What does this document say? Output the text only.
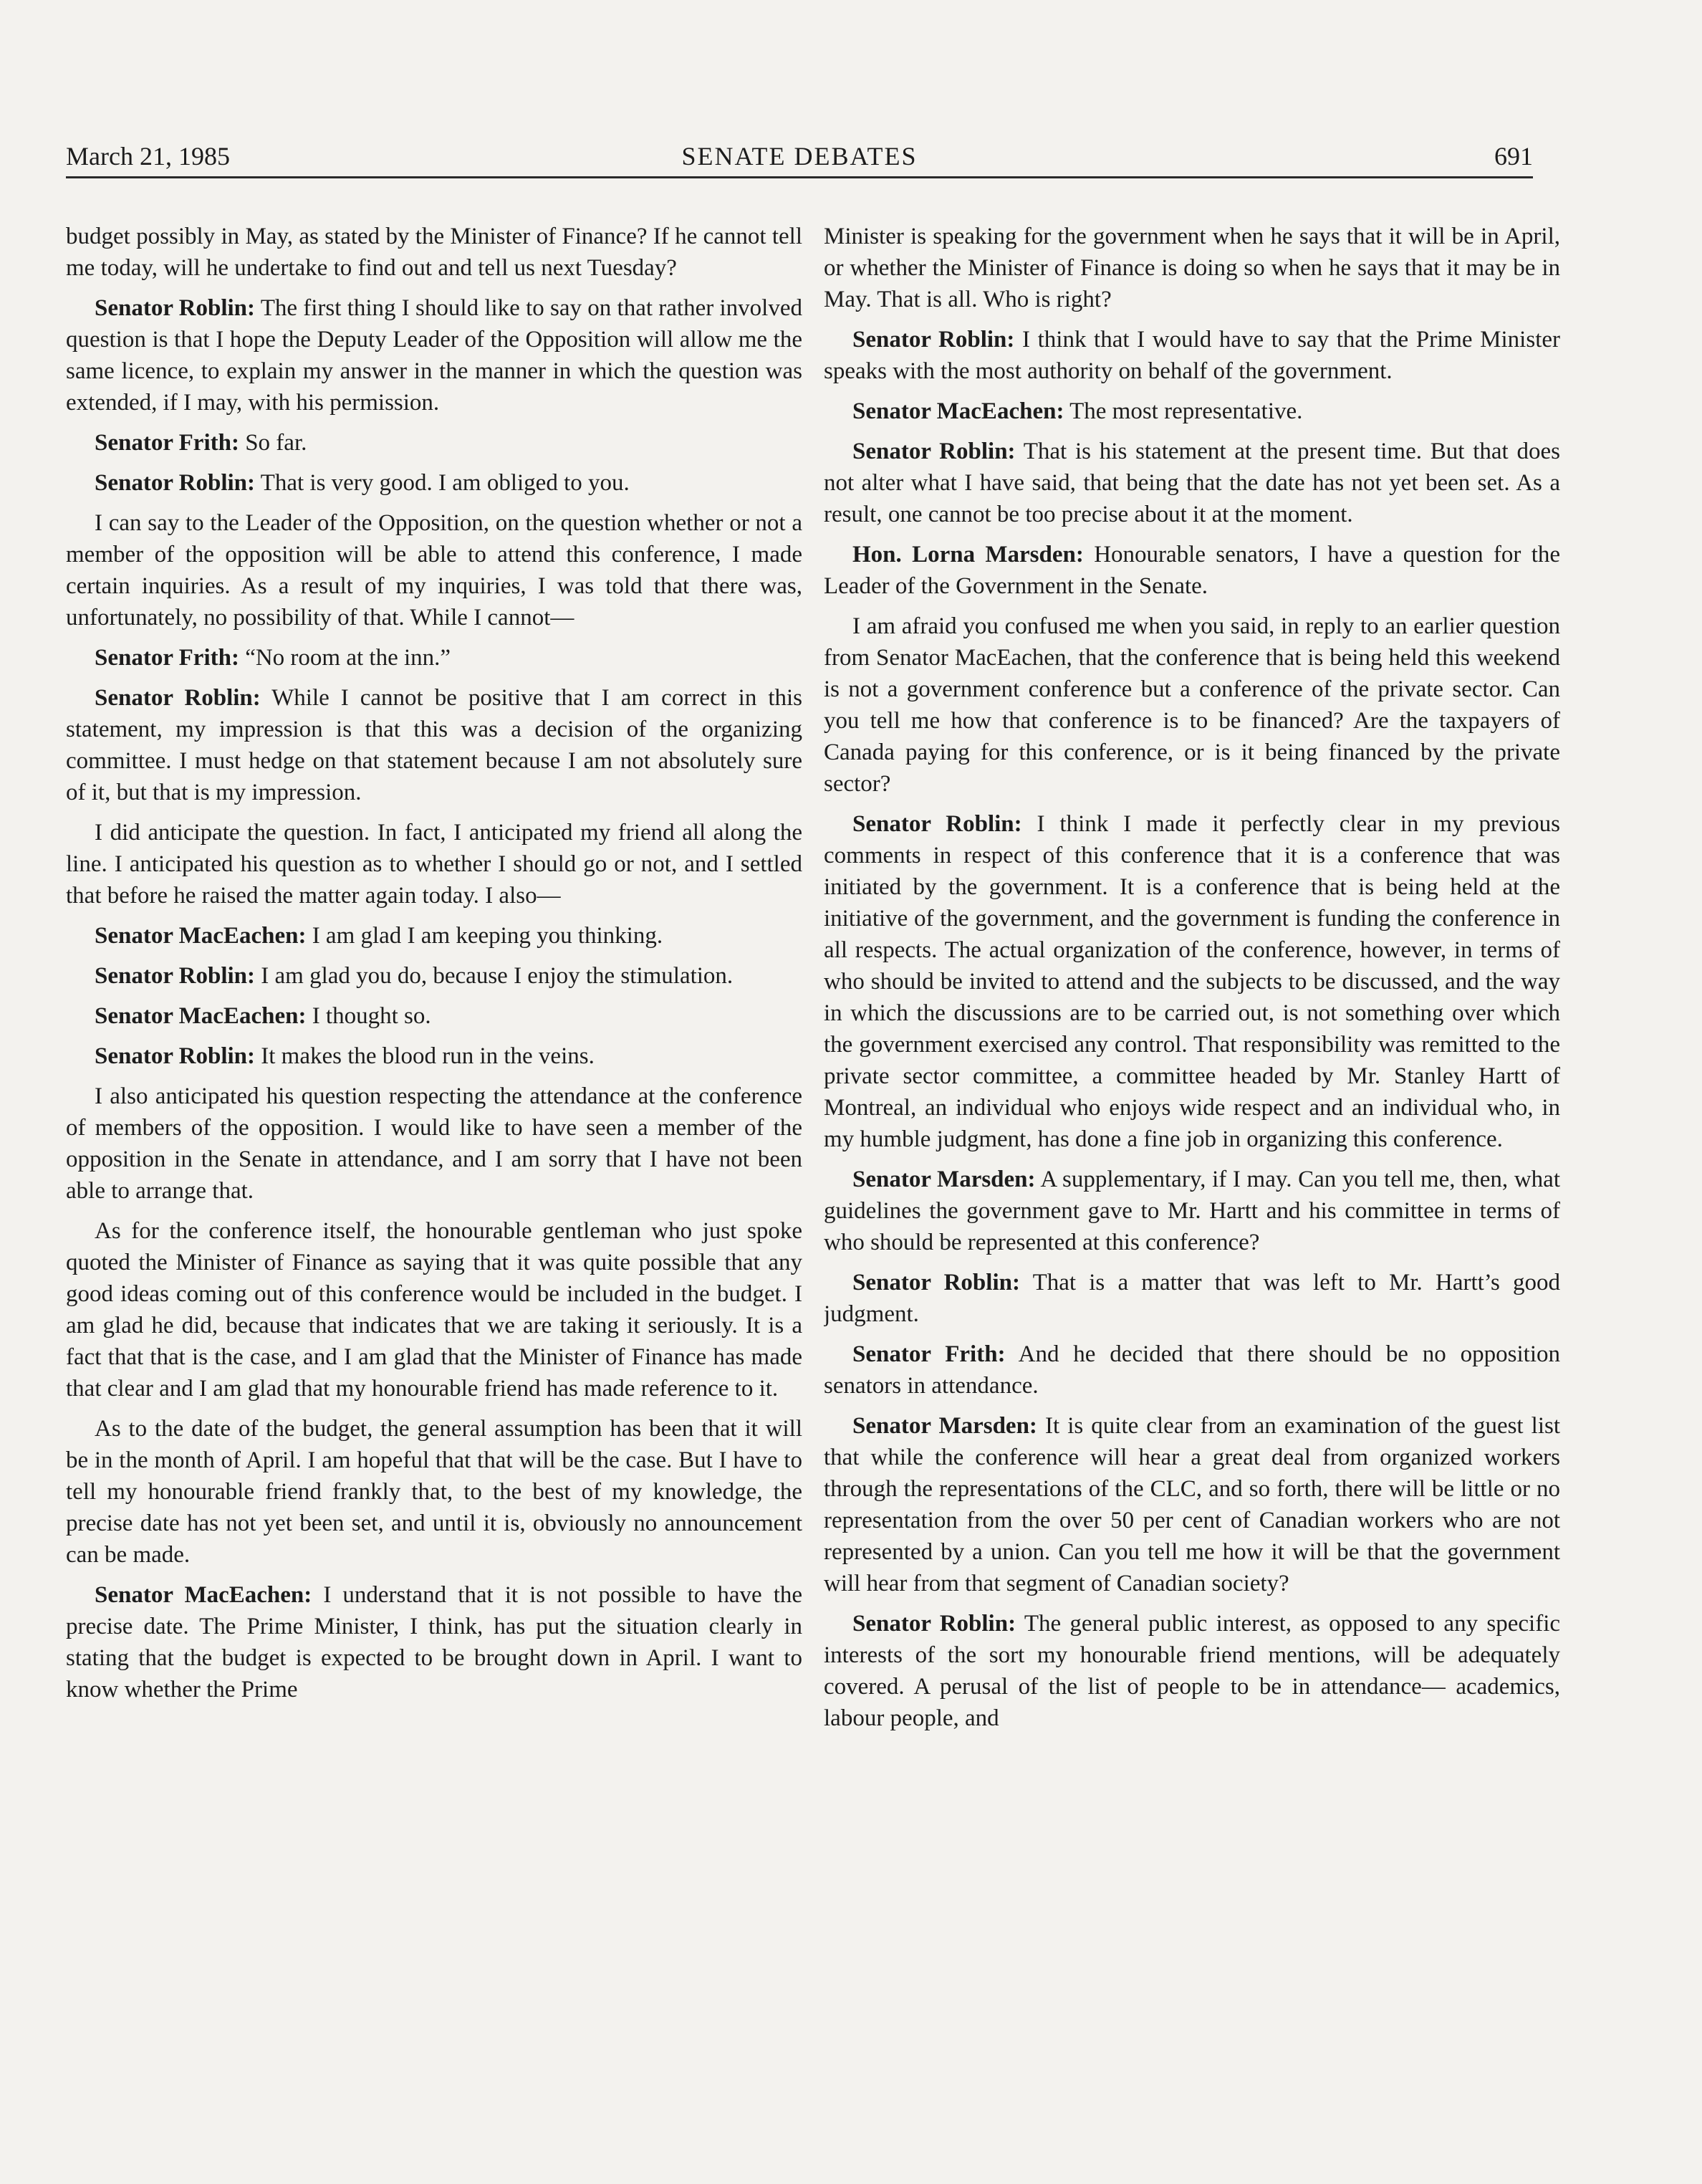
March 21, 1985	SENATE DEBATES	691

budget possibly in May, as stated by the Minister of Finance? If he cannot tell me today, will he undertake to find out and tell us next Tuesday?

Senator Roblin: The first thing I should like to say on that rather involved question is that I hope the Deputy Leader of the Opposition will allow me the same licence, to explain my answer in the manner in which the question was extended, if I may, with his permission.

Senator Frith: So far.

Senator Roblin: That is very good. I am obliged to you.

I can say to the Leader of the Opposition, on the question whether or not a member of the opposition will be able to attend this conference, I made certain inquiries. As a result of my inquiries, I was told that there was, unfortunately, no possibility of that. While I cannot—

Senator Frith: “No room at the inn.”

Senator Roblin: While I cannot be positive that I am correct in this statement, my impression is that this was a decision of the organizing committee. I must hedge on that statement because I am not absolutely sure of it, but that is my impression.

I did anticipate the question. In fact, I anticipated my friend all along the line. I anticipated his question as to whether I should go or not, and I settled that before he raised the matter again today. I also—

Senator MacEachen: I am glad I am keeping you thinking.

Senator Roblin: I am glad you do, because I enjoy the stimulation.

Senator MacEachen: I thought so.

Senator Roblin: It makes the blood run in the veins.

I also anticipated his question respecting the attendance at the conference of members of the opposition. I would like to have seen a member of the opposition in the Senate in attendance, and I am sorry that I have not been able to arrange that.

As for the conference itself, the honourable gentleman who just spoke quoted the Minister of Finance as saying that it was quite possible that any good ideas coming out of this conference would be included in the budget. I am glad he did, because that indicates that we are taking it seriously. It is a fact that that is the case, and I am glad that the Minister of Finance has made that clear and I am glad that my honourable friend has made reference to it.

As to the date of the budget, the general assumption has been that it will be in the month of April. I am hopeful that that will be the case. But I have to tell my honourable friend frankly that, to the best of my knowledge, the precise date has not yet been set, and until it is, obviously no announcement can be made.

Senator MacEachen: I understand that it is not possible to have the precise date. The Prime Minister, I think, has put the situation clearly in stating that the budget is expected to be brought down in April. I want to know whether the Prime

Minister is speaking for the government when he says that it will be in April, or whether the Minister of Finance is doing so when he says that it may be in May. That is all. Who is right?

Senator Roblin: I think that I would have to say that the Prime Minister speaks with the most authority on behalf of the government.

Senator MacEachen: The most representative.

Senator Roblin: That is his statement at the present time. But that does not alter what I have said, that being that the date has not yet been set. As a result, one cannot be too precise about it at the moment.

Hon. Lorna Marsden: Honourable senators, I have a question for the Leader of the Government in the Senate.

I am afraid you confused me when you said, in reply to an earlier question from Senator MacEachen, that the conference that is being held this weekend is not a government conference but a conference of the private sector. Can you tell me how that conference is to be financed? Are the taxpayers of Canada paying for this conference, or is it being financed by the private sector?

Senator Roblin: I think I made it perfectly clear in my previous comments in respect of this conference that it is a conference that was initiated by the government. It is a conference that is being held at the initiative of the government, and the government is funding the conference in all respects. The actual organization of the conference, however, in terms of who should be invited to attend and the subjects to be discussed, and the way in which the discussions are to be carried out, is not something over which the government exercised any control. That responsibility was remitted to the private sector committee, a committee headed by Mr. Stanley Hartt of Montreal, an individual who enjoys wide respect and an individual who, in my humble judgment, has done a fine job in organizing this conference.

Senator Marsden: A supplementary, if I may. Can you tell me, then, what guidelines the government gave to Mr. Hartt and his committee in terms of who should be represented at this conference?

Senator Roblin: That is a matter that was left to Mr. Hartt’s good judgment.

Senator Frith: And he decided that there should be no opposition senators in attendance.

Senator Marsden: It is quite clear from an examination of the guest list that while the conference will hear a great deal from organized workers through the representations of the CLC, and so forth, there will be little or no representation from the over 50 per cent of Canadian workers who are not represented by a union. Can you tell me how it will be that the government will hear from that segment of Canadian society?

Senator Roblin: The general public interest, as opposed to any specific interests of the sort my honourable friend mentions, will be adequately covered. A perusal of the list of people to be in attendance— academics, labour people, and
